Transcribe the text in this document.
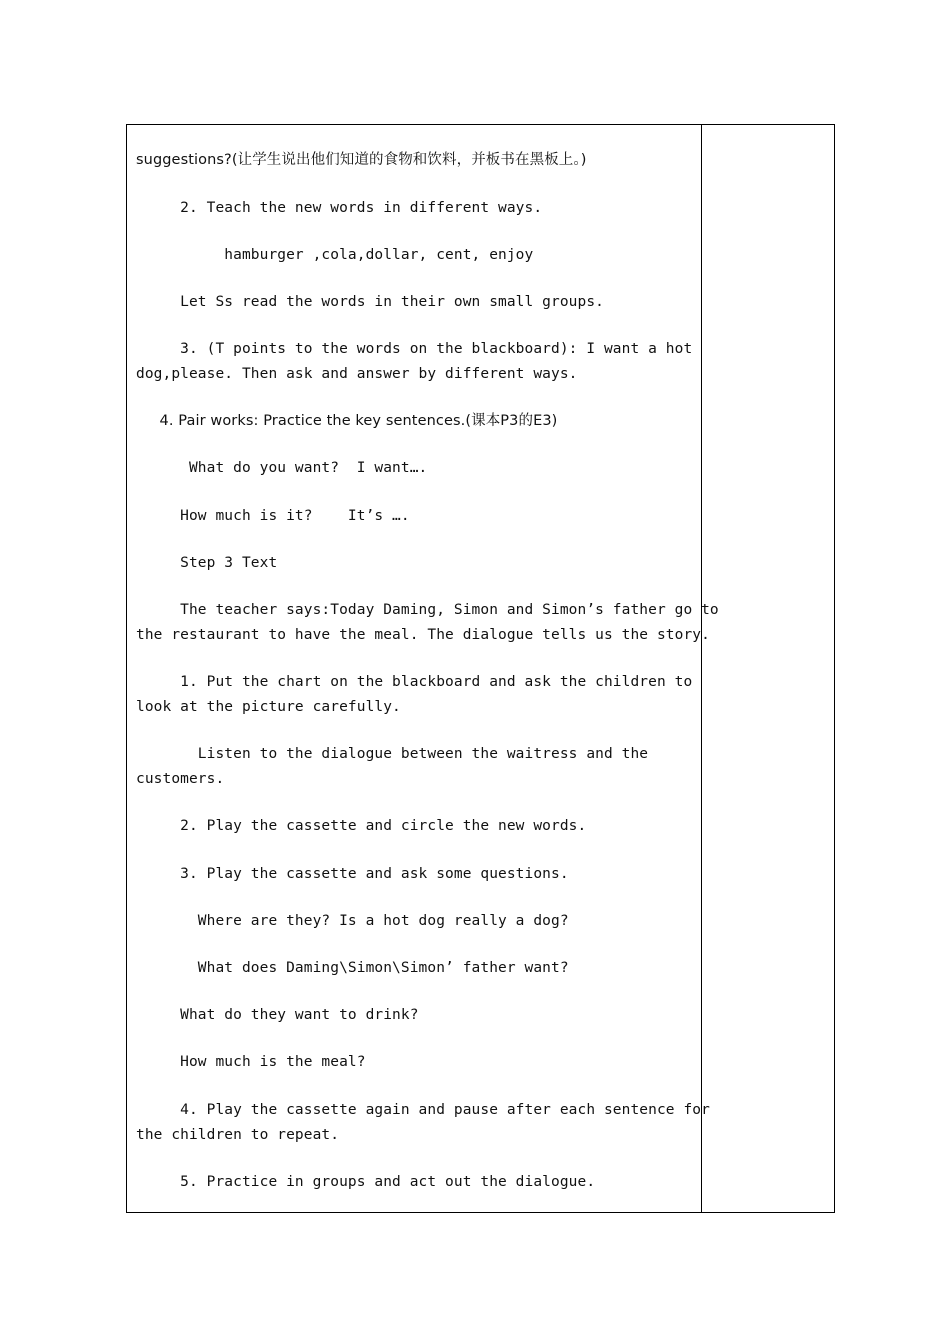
suggestions?(让学生说出他们知道的食物和饮料，并板书在黑板上。)
2. Teach the new words in different ways.
hamburger ,cola,dollar, cent, enjoy
Let Ss read the words in their own small groups.
3. (T points to the words on the blackboard): I want a hot
dog,please. Then ask and answer by different ways.
4. Pair works: Practice the key sentences.(课本P3的E3)
What do you want?  I want….
How much is it?    It’s ….
Step 3 Text
The teacher says:Today Daming, Simon and Simon’s father go to
the restaurant to have the meal. The dialogue tells us the story.
1. Put the chart on the blackboard and ask the children to
look at the picture carefully.
Listen to the dialogue between the waitress and the
customers.
2. Play the cassette and circle the new words.
3. Play the cassette and ask some questions.
Where are they? Is a hot dog really a dog?
What does Daming\Simon\Simon’ father want?
What do they want to drink?
How much is the meal?
4. Play the cassette again and pause after each sentence for
the children to repeat.
5. Practice in groups and act out the dialogue.
